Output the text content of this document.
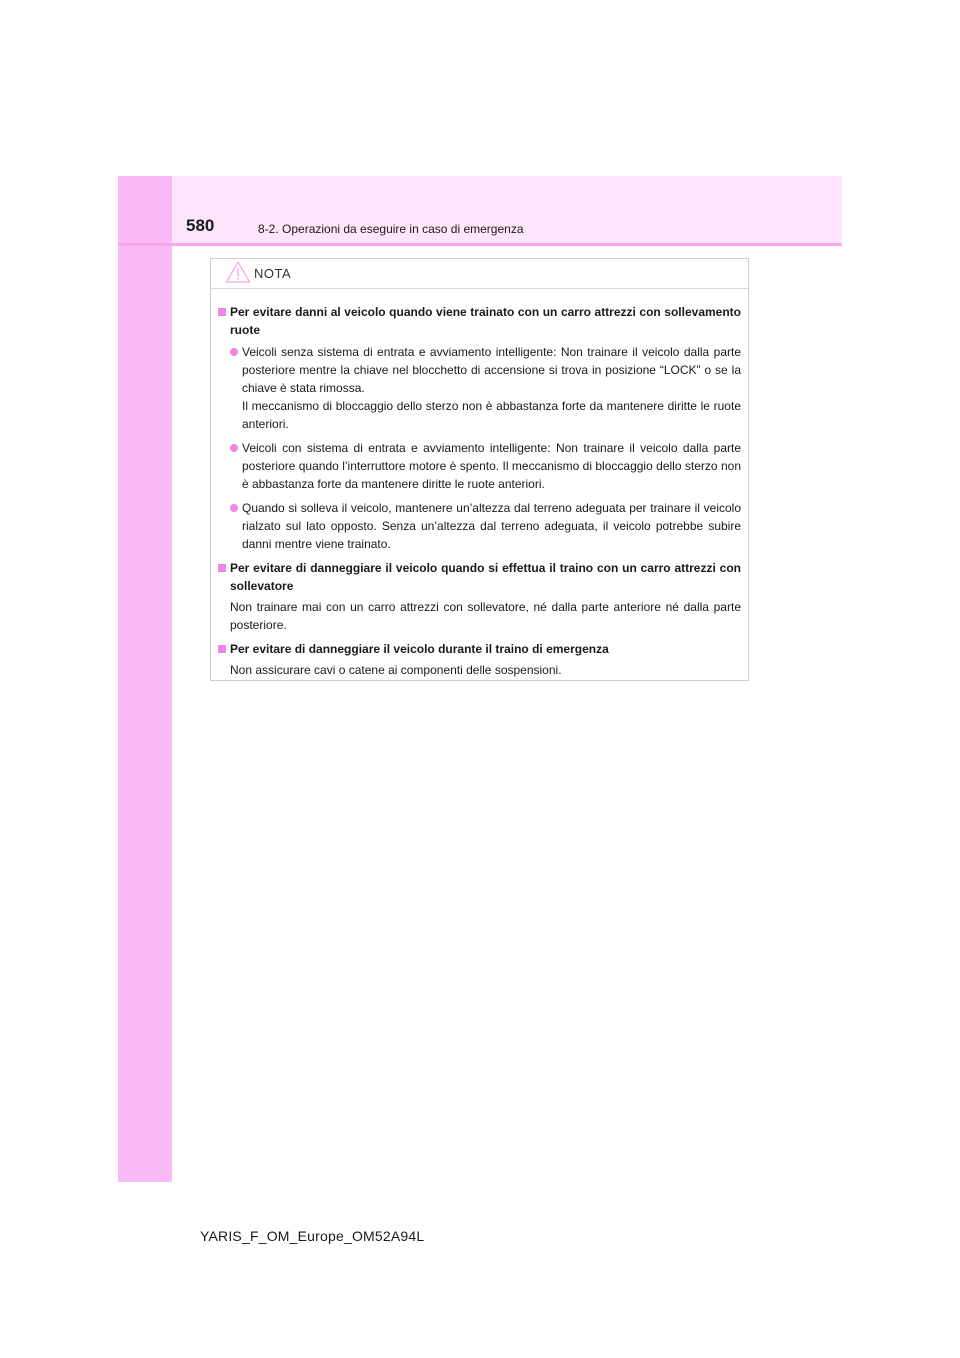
580	8-2. Operazioni da eseguire in caso di emergenza
NOTA
Per evitare danni al veicolo quando viene trainato con un carro attrezzi con sollevamento ruote
Veicoli senza sistema di entrata e avviamento intelligente: Non trainare il veicolo dalla parte posteriore mentre la chiave nel blocchetto di accensione si trova in posizione “LOCK” o se la chiave è stata rimossa.
Il meccanismo di bloccaggio dello sterzo non è abbastanza forte da mantenere diritte le ruote anteriori.
Veicoli con sistema di entrata e avviamento intelligente: Non trainare il veicolo dalla parte posteriore quando l’interruttore motore è spento. Il meccanismo di bloccaggio dello sterzo non è abbastanza forte da mantenere diritte le ruote anteriori.
Quando si solleva il veicolo, mantenere un’altezza dal terreno adeguata per trainare il veicolo rialzato sul lato opposto. Senza un’altezza dal terreno adeguata, il veicolo potrebbe subire danni mentre viene trainato.
Per evitare di danneggiare il veicolo quando si effettua il traino con un carro attrezzi con sollevatore
Non trainare mai con un carro attrezzi con sollevatore, né dalla parte anteriore né dalla parte posteriore.
Per evitare di danneggiare il veicolo durante il traino di emergenza
Non assicurare cavi o catene ai componenti delle sospensioni.
YARIS_F_OM_Europe_OM52A94L
